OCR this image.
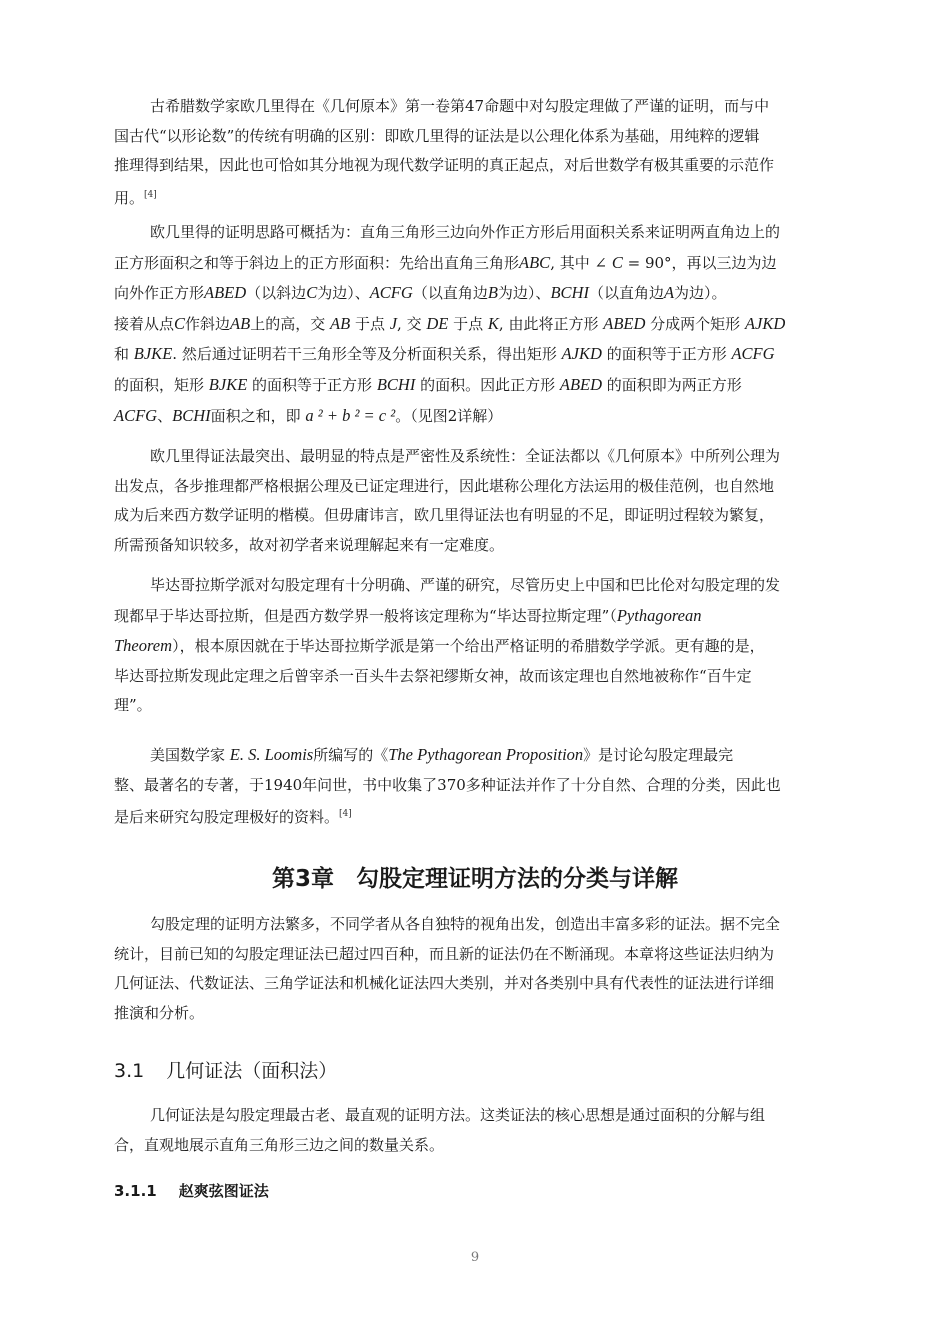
古希腊数学家欧几里得在《几何原本》第一卷第47命题中对勾股定理做了严谨的证明，而与中
国古代“以形论数”的传统有明确的区别：即欧几里得的证法是以公理化体系为基础，用纯粹的逻辑
推理得到结果，因此也可恰如其分地视为现代数学证明的真正起点，对后世数学有极其重要的示范作
用。[4]
欧几里得的证明思路可概括为：直角三角形三边向外作正方形后用面积关系来证明两直角边上的
正方形面积之和等于斜边上的正方形面积：先给出直角三角形ABC, 其中 ∠ C = 90°，再以三边为边
向外作正方形ABED（以斜边C为边）、ACFG（以直角边B为边）、BCHI（以直角边A为边）。
接着从点C作斜边AB上的高，交 AB 于点 J, 交 DE 于点 K, 由此将正方形 ABED 分成两个矩形 AJKD
和 BJKE. 然后通过证明若干三角形全等及分析面积关系，得出矩形 AJKD 的面积等于正方形 ACFG
的面积，矩形 BJKE 的面积等于正方形 BCHI 的面积。因此正方形 ABED 的面积即为两正方形
ACFG、BCHI面积之和，即 a ² + b ² = c ²。（见图2详解）
欧几里得证法最突出、最明显的特点是严密性及系统性：全证法都以《几何原本》中所列公理为
出发点，各步推理都严格根据公理及已证定理进行，因此堪称公理化方法运用的极佳范例，也自然地
成为后来西方数学证明的楷模。但毋庸讳言，欧几里得证法也有明显的不足，即证明过程较为繁复，
所需预备知识较多，故对初学者来说理解起来有一定难度。
毕达哥拉斯学派对勾股定理有十分明确、严谨的研究，尽管历史上中国和巴比伦对勾股定理的发
现都早于毕达哥拉斯，但是西方数学界一般将该定理称为“毕达哥拉斯定理”（Pythagorean
Theorem），根本原因就在于毕达哥拉斯学派是第一个给出严格证明的希腊数学学派。更有趣的是，
毕达哥拉斯发现此定理之后曾宰杀一百头牛去祭祀缪斯女神，故而该定理也自然地被称作“百牛定
理”。
美国数学家 E. S. Loomis所编写的《The Pythagorean Proposition》是讨论勾股定理最完
整、最著名的专著，于1940年问世，书中收集了370多种证法并作了十分自然、合理的分类，因此也
是后来研究勾股定理极好的资料。[4]
第3章 勾股定理证明方法的分类与详解
勾股定理的证明方法繁多，不同学者从各自独特的视角出发，创造出丰富多彩的证法。据不完全
统计，目前已知的勾股定理证法已超过四百种，而且新的证法仍在不断涌现。本章将这些证法归纳为
几何证法、代数证法、三角学证法和机械化证法四大类别，并对各类别中具有代表性的证法进行详细
推演和分析。
3.1 几何证法（面积法）
几何证法是勾股定理最古老、最直观的证明方法。这类证法的核心思想是通过面积的分解与组
合，直观地展示直角三角形三边之间的数量关系。
3.1.1 赵爽弦图证法
9
